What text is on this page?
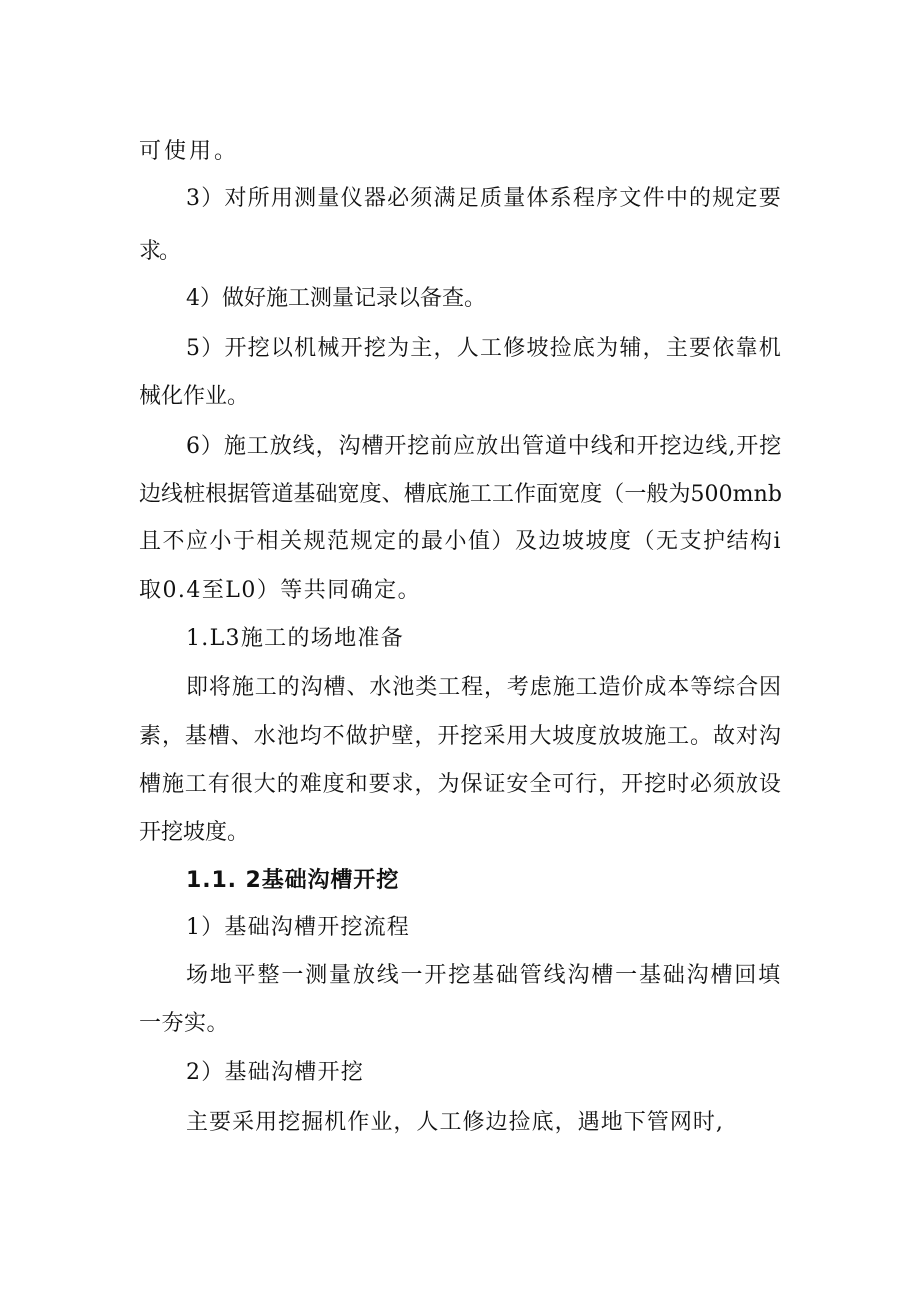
可使用。
3）对所用测量仪器必须满足质量体系程序文件中的规定要
求。
4）做好施工测量记录以备查。
5）开挖以机械开挖为主，人工修坡捡底为辅，主要依靠机
械化作业。
6）施工放线，沟槽开挖前应放出管道中线和开挖边线,开挖
边线桩根据管道基础宽度、槽底施工工作面宽度（一般为500mnb
且不应小于相关规范规定的最小值）及边坡坡度（无支护结构i
取0.4至L0）等共同确定。
1.L3施工的场地准备
即将施工的沟槽、水池类工程，考虑施工造价成本等综合因
素，基槽、水池均不做护壁，开挖采用大坡度放坡施工。故对沟
槽施工有很大的难度和要求，为保证安全可行，开挖时必须放设
开挖坡度。
1.1. 2基础沟槽开挖
1）基础沟槽开挖流程
场地平整一测量放线一开挖基础管线沟槽一基础沟槽回填
一夯实。
2）基础沟槽开挖
主要采用挖掘机作业，人工修边捡底，遇地下管网时,
